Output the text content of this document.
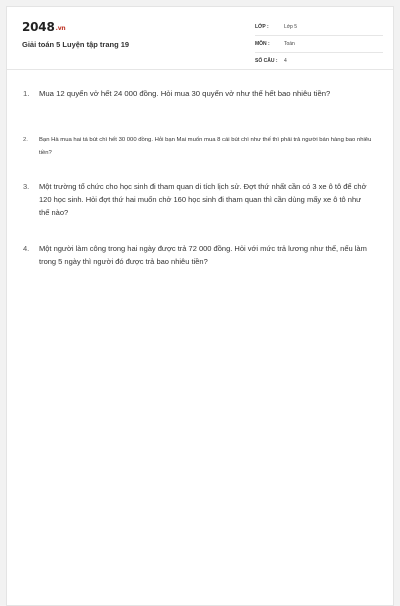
2048.vn
Giải toán 5 Luyện tập trang 19
LỚP :	Lớp 5
MÔN :	Toán
SỐ CÂU :	4
1.	Mua 12 quyển vở hết 24 000 đồng. Hỏi mua 30 quyển vở như thế hết bao nhiêu tiền?
2.	Bạn Hà mua hai tá bút chì hết 30 000 đồng. Hỏi bạn Mai muốn mua 8 cái bút chì như thế thì phải trả người bán hàng bao nhiêu tiền?
3.	Một trường tổ chức cho học sinh đi tham quan di tích lịch sử. Đợt thứ nhất cần có 3 xe ô tô để chở 120 học sinh. Hỏi đợt thứ hai muốn chở 160 học sinh đi tham quan thì cần dùng mấy xe ô tô như thế nào?
4.	Một người làm công trong hai ngày được trả 72 000 đồng. Hỏi với mức trả lương như thế, nếu làm trong 5 ngày thì người đó được trả bao nhiêu tiền?
